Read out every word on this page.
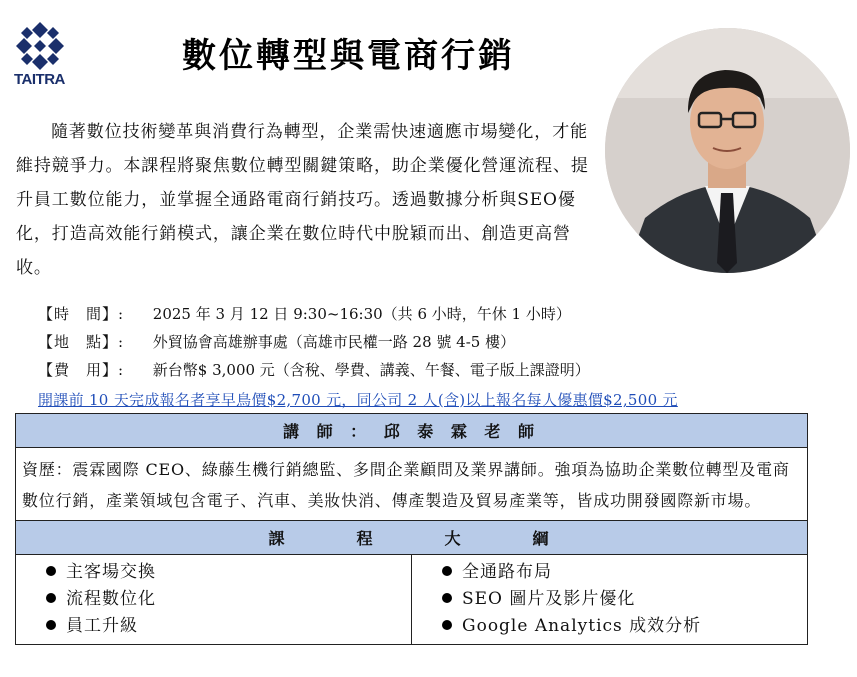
TAITRA
數位轉型與電商行銷
隨著數位技術變革與消費行為轉型，企業需快速適應市場變化，才能維持競爭力。本課程將聚焦數位轉型關鍵策略，助企業優化營運流程、提升員工數位能力，並掌握全通路電商行銷技巧。透過數據分析與SEO優化，打造高效能行銷模式，讓企業在數位時代中脫穎而出、創造更高營收。
【時　間】: 2025 年 3 月 12 日 9:30~16:30（共 6 小時，午休 1 小時）
【地　點】: 外貿協會高雄辦事處（高雄市民權一路 28 號 4-5 樓）
【費　用】: 新台幣$ 3,000 元（含稅、學費、講義、午餐、電子版上課證明）
開課前 10 天完成報名者享早鳥價$2,700 元，同公司 2 人(含)以上報名每人優惠價$2,500 元
講 師 ： 邱 泰 霖 老 師
資歷：震霖國際 CEO、綠藤生機行銷總監、多間企業顧問及業界講師。強項為協助企業數位轉型及電商數位行銷，產業領域包含電子、汽車、美妝快消、傳產製造及貿易產業等，皆成功開發國際新市場。
課　　　程　　　大　　　綱

主客場交換
流程數位化
員工升級

全通路布局
SEO 圖片及影片優化
Google Analytics 成效分析
